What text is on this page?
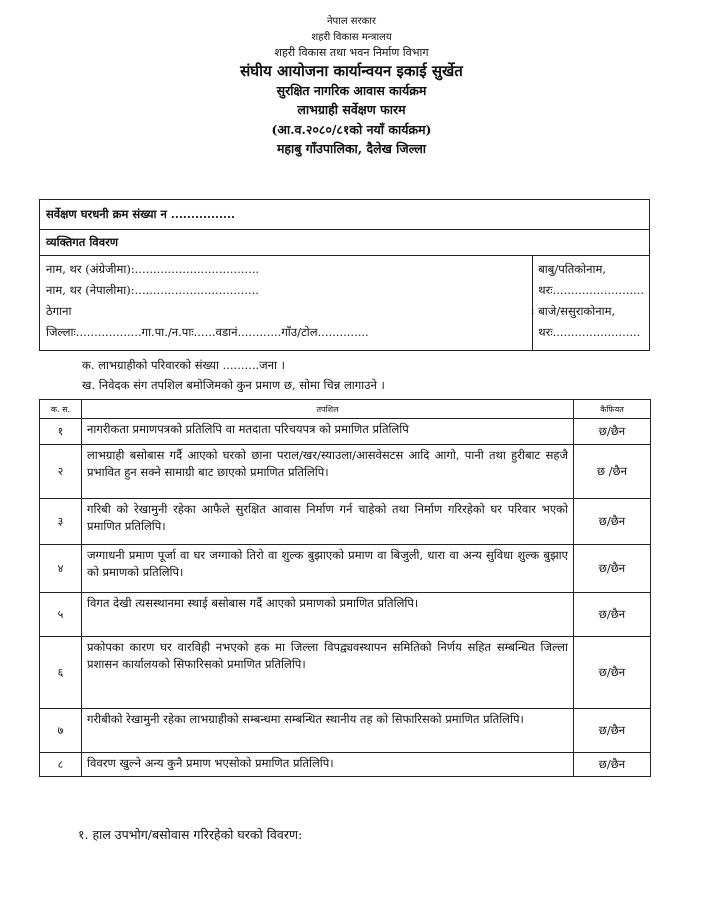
नेपाल सरकार
शहरी विकास मन्त्रालय
शहरी विकास तथा भवन निर्माण विभाग
संघीय आयोजना कार्यान्वयन इकाई सुर्खेत
सुरक्षित नागरिक आवास कार्यक्रम
लाभग्राही सर्वेक्षण फारम
(आ.व.२०८०/८१को नयाँ कार्यक्रम)
महाबु गाँउपालिका, दैलेख जिल्ला
सर्वेक्षण घरधनी क्रम संख्या न ................
व्यक्तिगत विवरण
नाम, थर (अंग्रेजीमा):..................................
नाम, थर (नेपालीमा):..................................
ठेगाना
जिल्लाः..................गा.पा./न.पाः......वडानं............गाँउ/टोल..............
:
बाबु/पतिकोनाम,
थरः.........................
बाजे/ससुराकोनाम,
थरः........................
क. लाभग्राहीको परिवारको संख्या ..........जना ।
ख. निवेदक संग तपशिल बमोजिमको कुन प्रमाण छ, सोमा चिन्न लागाउने ।
क. स.	तपशिल	कैफियत
१	नागरीकता प्रमाणपत्रको प्रतिलिपि वा मतदाता परिचयपत्र को प्रमाणित प्रतिलिपि	छ/छैन
२	लाभग्राही बसोबास गर्दै आएको घरको छाना पराल/खर/स्याउला/आसवेसटस आदि आगो, पानी तथा हुरीबाट सहजै प्रभावित हुन सक्ने सामाग्री बाट छाएको प्रमाणित प्रतिलिपि।	छ /छैन
३	गरिबी को रेखामुनी रहेका आफैले सुरक्षित आवास निर्माण गर्न चाहेको तथा निर्माण गरिरहेको घर परिवार भएको प्रमाणित प्रतिलिपि।	छ/छैन
४	जग्गाधनी प्रमाण पूर्जा वा घर जग्गाको तिरो वा शुल्क बुझाएको प्रमाण वा बिजुली, धारा वा अन्य सुविधा शुल्क बुझाए को प्रमाणको प्रतिलिपि।	छ/छैन
५	विगत देखी त्यसस्थानमा स्थाई बसोबास गर्दै आएको प्रमाणको प्रमाणित प्रतिलिपि।	छ/छैन
६	प्रकोपका कारण घर वारविही नभएको हक मा जिल्ला विपद्व्यवस्थापन समितिको निर्णय सहित सम्बन्धित जिल्ला प्रशासन कार्यालयको सिफारिसको प्रमाणित प्रतिलिपि।	छ/छैन
७	गरीबीको रेखामुनी रहेका लाभग्राहीको सम्बन्धमा सम्बन्धित स्थानीय तह को सिफारिसको प्रमाणित प्रतिलिपि।	छ/छैन
८	विवरण खुल्ने अन्य कुनै प्रमाण भएसोको प्रमाणित प्रतिलिपि।	छ/छैन
१. हाल उपभोग/बसोवास गरिरहेको घरको विवरण:
